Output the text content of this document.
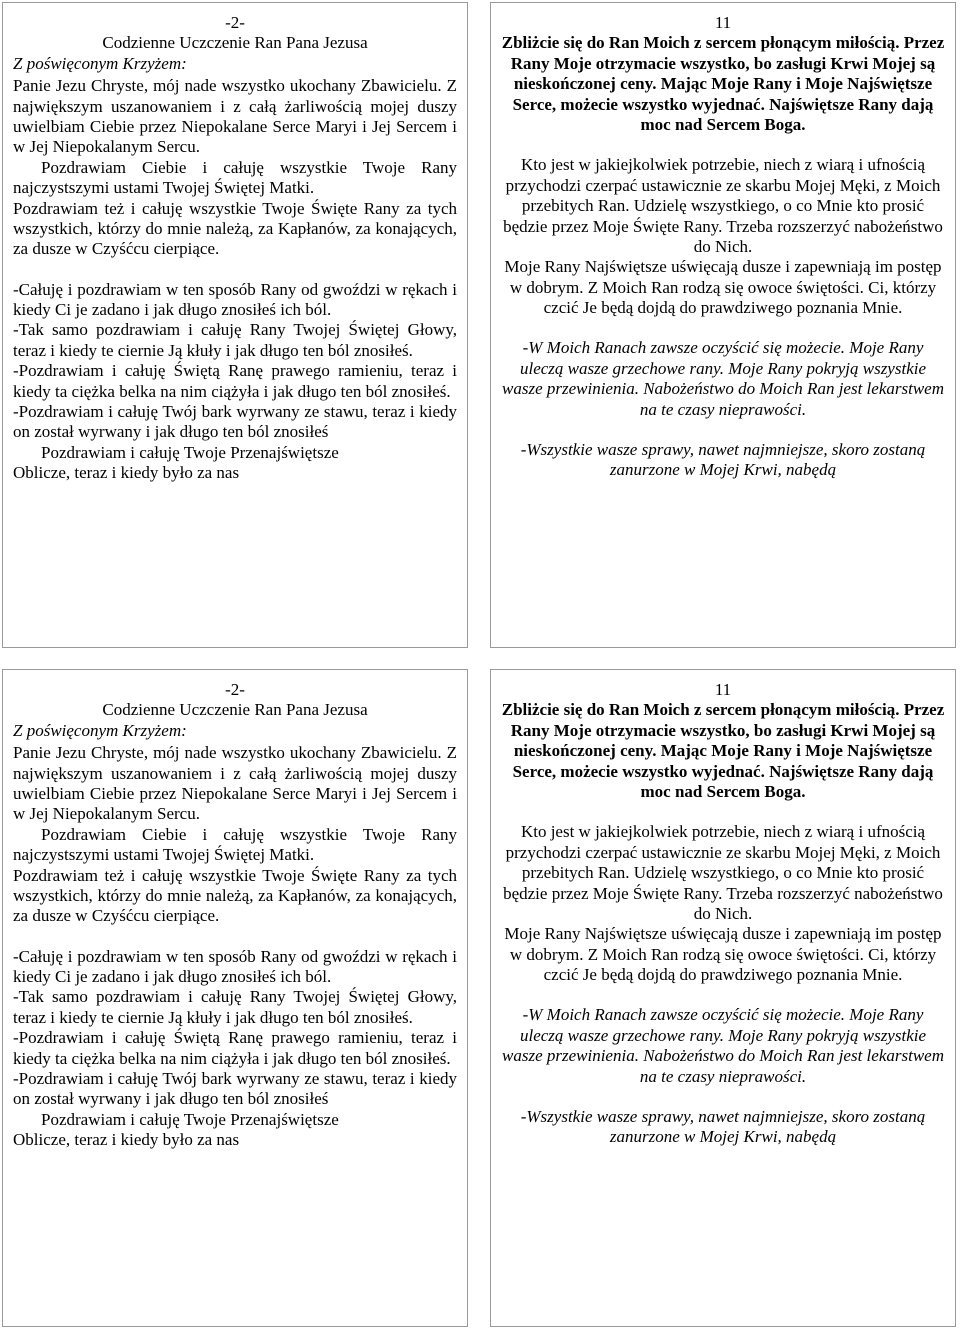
-2-

Codzienne Uczczenie Ran Pana Jezusa

Z poświęconym Krzyżem:

Panie Jezu Chryste, mój nade wszystko ukochany Zbawicielu. Z największym uszanowaniem i z całą żarliwością mojej duszy uwielbiam Ciebie przez Niepokalane Serce Maryi i Jej Sercem i w Jej Niepokalanym Sercu.

Pozdrawiam Ciebie i całuję wszystkie Twoje Rany najczystszymi ustami Twojej Świętej Matki.

Pozdrawiam też i całuję wszystkie Twoje Święte Rany za tych wszystkich, którzy do mnie należą, za Kapłanów, za konających, za dusze w Czyśćcu cierpiące.

-Całuję i pozdrawiam w ten sposób Rany od gwoździ w rękach i kiedy Ci je zadano i jak długo znosiłeś ich ból.

-Tak samo pozdrawiam i całuję Rany Twojej Świętej Głowy, teraz i kiedy te ciernie Ją kłuły i jak długo ten ból znosiłeś.

-Pozdrawiam i całuję Świętą Ranę prawego ramieniu, teraz i kiedy ta ciężka belka na nim ciążyła i jak długo ten ból znosiłeś.

-Pozdrawiam i całuję Twój bark wyrwany ze stawu, teraz i kiedy on został wyrwany i jak długo ten ból znosiłeś

Pozdrawiam i całuję Twoje Przenajświętsze

Oblicze, teraz i kiedy było za nas

11

Zbliżcie się do Ran Moich z sercem płonącym miłością. Przez Rany Moje otrzymacie wszystko, bo zasługi Krwi Mojej są nieskończonej ceny. Mając Moje Rany i Moje Najświętsze Serce, możecie wszystko wyjednać. Najświętsze Rany dają moc nad Sercem Boga.

Kto jest w jakiejkolwiek potrzebie, niech z wiarą i ufnością przychodzi czerpać ustawicznie ze skarbu Mojej Męki, z Moich przebitych Ran. Udzielę wszystkiego, o co Mnie kto prosić będzie przez Moje Święte Rany. Trzeba rozszerzyć nabożeństwo do Nich.

Moje Rany Najświętsze uświęcają dusze i zapewniają im postęp w dobrym. Z Moich Ran rodzą się owoce świętości. Ci, którzy czcić Je będą dojdą do prawdziwego poznania Mnie.

-W Moich Ranach zawsze oczyścić się możecie. Moje Rany uleczą wasze grzechowe rany. Moje Rany pokryją wszystkie wasze przewinienia. Nabożeństwo do Moich Ran jest lekarstwem na te czasy nieprawości.

-Wszystkie wasze sprawy, nawet najmniejsze, skoro zostaną zanurzone w Mojej Krwi, nabędą

-2-

Codzienne Uczczenie Ran Pana Jezusa

Z poświęconym Krzyżem:

Panie Jezu Chryste, mój nade wszystko ukochany Zbawicielu. Z największym uszanowaniem i z całą żarliwością mojej duszy uwielbiam Ciebie przez Niepokalane Serce Maryi i Jej Sercem i w Jej Niepokalanym Sercu.

Pozdrawiam Ciebie i całuję wszystkie Twoje Rany najczystszymi ustami Twojej Świętej Matki.

Pozdrawiam też i całuję wszystkie Twoje Święte Rany za tych wszystkich, którzy do mnie należą, za Kapłanów, za konających, za dusze w Czyśćcu cierpiące.

-Całuję i pozdrawiam w ten sposób Rany od gwoździ w rękach i kiedy Ci je zadano i jak długo znosiłeś ich ból.

-Tak samo pozdrawiam i całuję Rany Twojej Świętej Głowy, teraz i kiedy te ciernie Ją kłuły i jak długo ten ból znosiłeś.

-Pozdrawiam i całuję Świętą Ranę prawego ramieniu, teraz i kiedy ta ciężka belka na nim ciążyła i jak długo ten ból znosiłeś.

-Pozdrawiam i całuję Twój bark wyrwany ze stawu, teraz i kiedy on został wyrwany i jak długo ten ból znosiłeś

Pozdrawiam i całuję Twoje Przenajświętsze

Oblicze, teraz i kiedy było za nas

11

Zbliżcie się do Ran Moich z sercem płonącym miłością. Przez Rany Moje otrzymacie wszystko, bo zasługi Krwi Mojej są nieskończonej ceny. Mając Moje Rany i Moje Najświętsze Serce, możecie wszystko wyjednać. Najświętsze Rany dają moc nad Sercem Boga.

Kto jest w jakiejkolwiek potrzebie, niech z wiarą i ufnością przychodzi czerpać ustawicznie ze skarbu Mojej Męki, z Moich przebitych Ran. Udzielę wszystkiego, o co Mnie kto prosić będzie przez Moje Święte Rany. Trzeba rozszerzyć nabożeństwo do Nich.

Moje Rany Najświętsze uświęcają dusze i zapewniają im postęp w dobrym. Z Moich Ran rodzą się owoce świętości. Ci, którzy czcić Je będą dojdą do prawdziwego poznania Mnie.

-W Moich Ranach zawsze oczyścić się możecie. Moje Rany uleczą wasze grzechowe rany. Moje Rany pokryją wszystkie wasze przewinienia. Nabożeństwo do Moich Ran jest lekarstwem na te czasy nieprawości.

-Wszystkie wasze sprawy, nawet najmniejsze, skoro zostaną zanurzone w Mojej Krwi, nabędą
